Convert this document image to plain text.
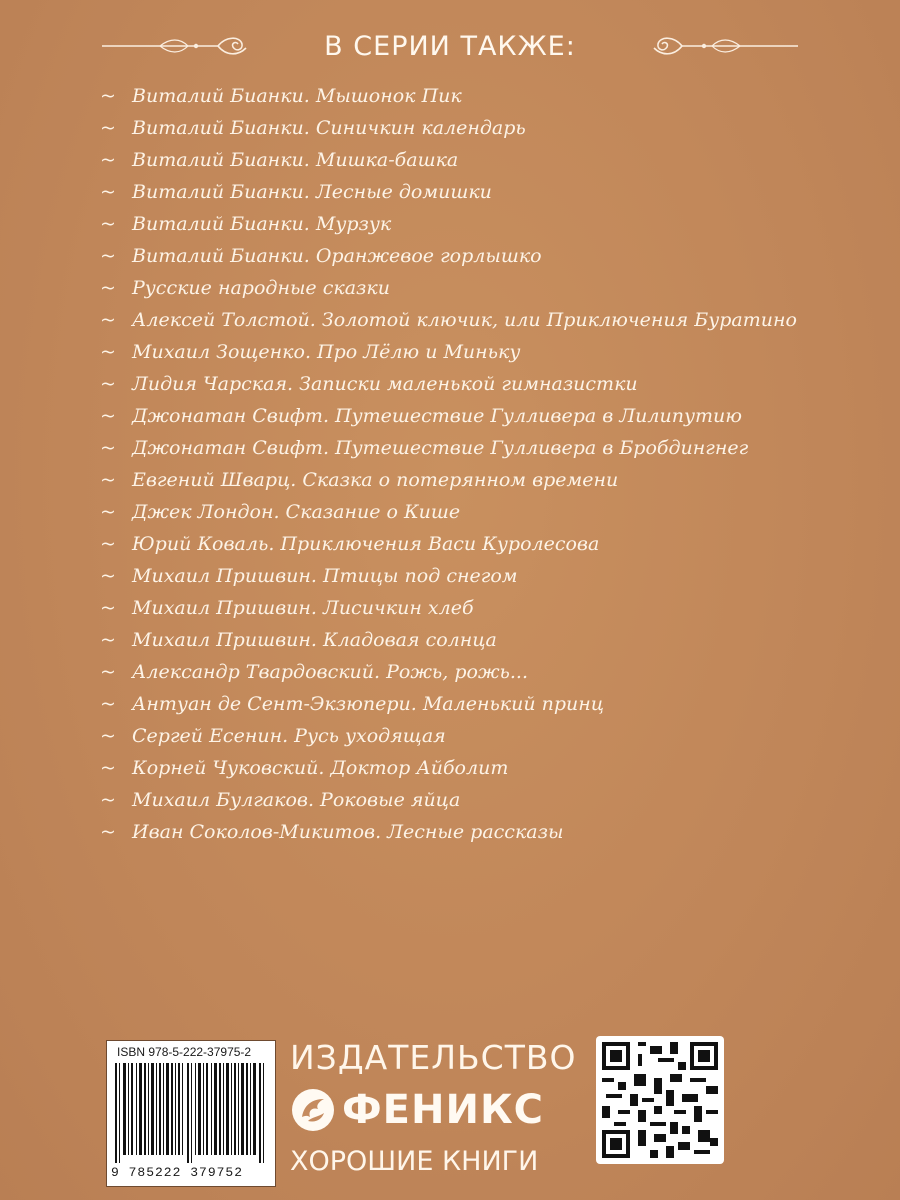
В СЕРИИ ТАКЖЕ:
~ Виталий Бианки. Мышонок Пик
~ Виталий Бианки. Синичкин календарь
~ Виталий Бианки. Мишка-башка
~ Виталий Бианки. Лесные домишки
~ Виталий Бианки. Мурзук
~ Виталий Бианки. Оранжевое горлышко
~ Русские народные сказки
~ Алексей Толстой. Золотой ключик, или Приключения Буратино
~ Михаил Зощенко. Про Лёлю и Миньку
~ Лидия Чарская. Записки маленькой гимназистки
~ Джонатан Свифт. Путешествие Гулливера в Лилипутию
~ Джонатан Свифт. Путешествие Гулливера в Бробдингнег
~ Евгений Шварц. Сказка о потерянном времени
~ Джек Лондон. Сказание о Кише
~ Юрий Коваль. Приключения Васи Куролесова
~ Михаил Пришвин. Птицы под снегом
~ Михаил Пришвин. Лисичкин хлеб
~ Михаил Пришвин. Кладовая солнца
~ Александр Твардовский. Рожь, рожь...
~ Антуан де Сент-Экзюпери. Маленький принц
~ Сергей Есенин. Русь уходящая
~ Корней Чуковский. Доктор Айболит
~ Михаил Булгаков. Роковые яйца
~ Иван Соколов-Микитов. Лесные рассказы
ISBN 978-5-222-37975-2
9 785222 379752
ИЗДАТЕЛЬСТВО
ФЕНИКС
ХОРОШИЕ КНИГИ
